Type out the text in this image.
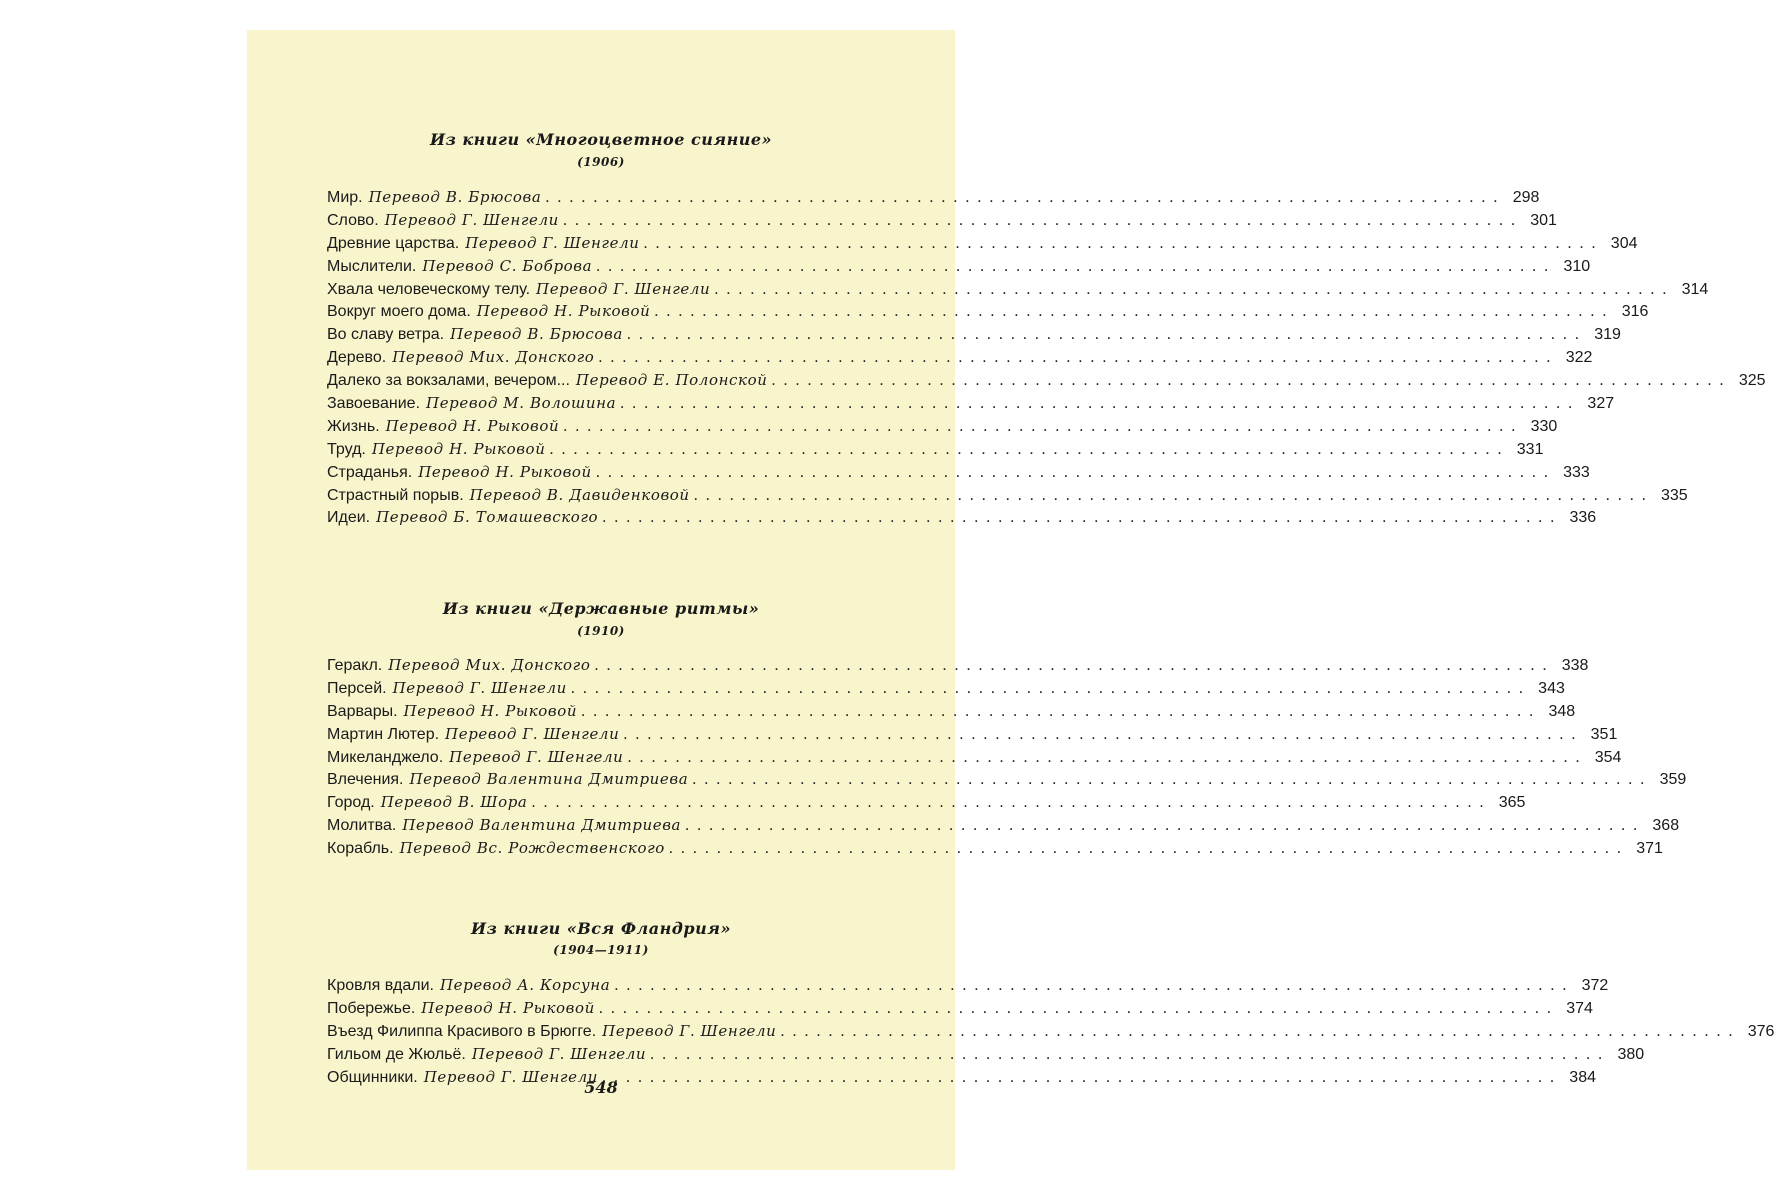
Из книги «Многоцветное сияние»
(1906)
Мир. Перевод В. Брюсова ................................................................................ 298
Слово. Перевод Г. Шенгели ................................................................................ 301
Древние царства. Перевод Г. Шенгели ................................................................................ 304
Мыслители. Перевод С. Боброва ................................................................................ 310
Хвала человеческому телу. Перевод Г. Шенгели ................................................................................ 314
Вокруг моего дома. Перевод Н. Рыковой ................................................................................ 316
Во славу ветра. Перевод В. Брюсова ................................................................................ 319
Дерево. Перевод Мих. Донского ................................................................................ 322
Далеко за вокзалами, вечером... Перевод Е. Полонской ................................................................................ 325
Завоевание. Перевод М. Волошина ................................................................................ 327
Жизнь. Перевод Н. Рыковой ................................................................................ 330
Труд. Перевод Н. Рыковой ................................................................................ 331
Страданья. Перевод Н. Рыковой ................................................................................ 333
Страстный порыв. Перевод В. Давиденковой ................................................................................ 335
Идеи. Перевод Б. Томашевского ................................................................................ 336
Из книги «Державные ритмы»
(1910)
Геракл. Перевод Мих. Донского ................................................................................ 338
Персей. Перевод Г. Шенгели ................................................................................ 343
Варвары. Перевод Н. Рыковой ................................................................................ 348
Мартин Лютер. Перевод Г. Шенгели ................................................................................ 351
Микеланджело. Перевод Г. Шенгели ................................................................................ 354
Влечения. Перевод Валентина Дмитриева ................................................................................ 359
Город. Перевод В. Шора ................................................................................ 365
Молитва. Перевод Валентина Дмитриева ................................................................................ 368
Корабль. Перевод Вс. Рождественского ................................................................................ 371
Из книги «Вся Фландрия»
(1904—1911)
Кровля вдали. Перевод А. Корсуна ................................................................................ 372
Побережье. Перевод Н. Рыковой ................................................................................ 374
Въезд Филиппа Красивого в Брюгге. Перевод Г. Шенгели ................................................................................ 376
Гильом де Жюльё. Перевод Г. Шенгели ................................................................................ 380
Общинники. Перевод Г. Шенгели ................................................................................ 384
548
